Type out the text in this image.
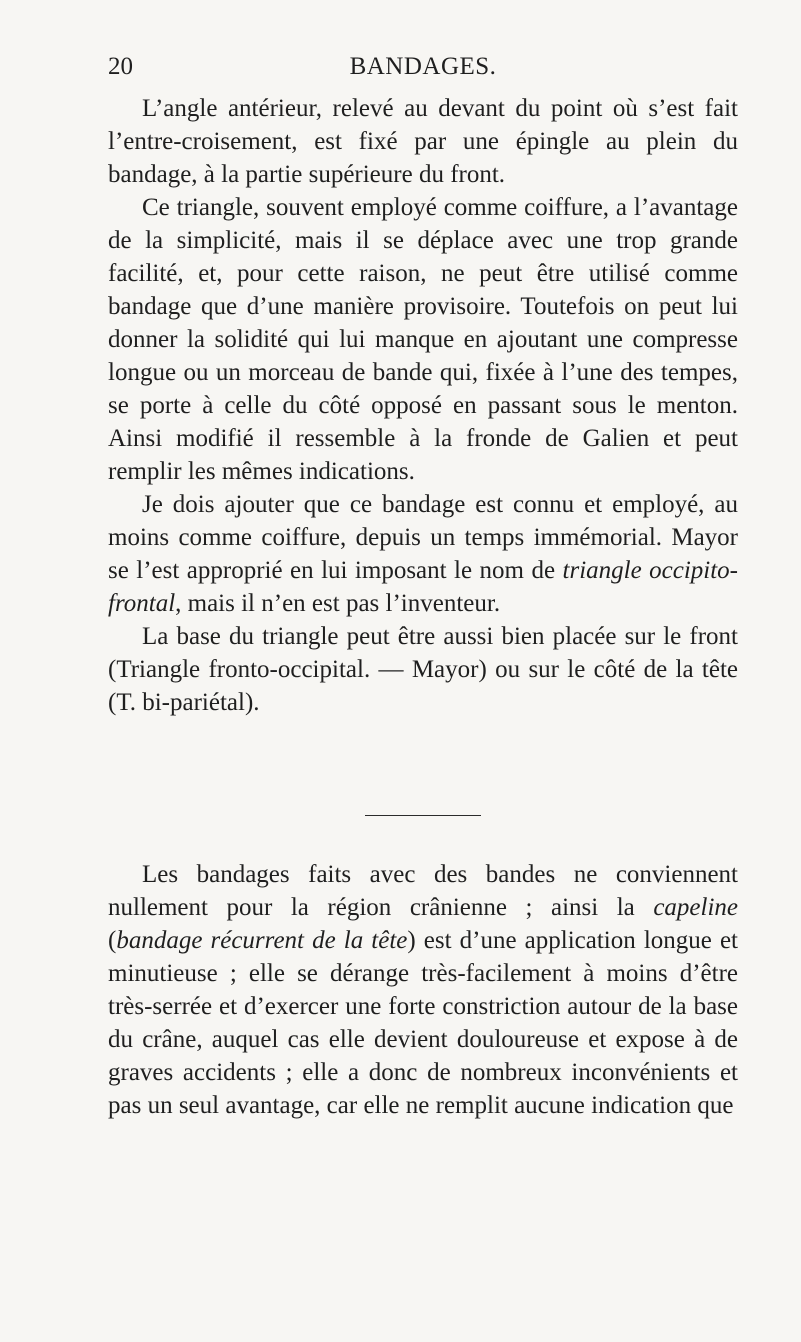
20	BANDAGES.

L’angle antérieur, relevé au devant du point où s’est fait l’entre-croisement, est fixé par une épingle au plein du bandage, à la partie supérieure du front.

Ce triangle, souvent employé comme coiffure, a l’avantage de la simplicité, mais il se déplace avec une trop grande facilité, et, pour cette raison, ne peut être utilisé comme bandage que d’une manière provisoire. Toutefois on peut lui donner la solidité qui lui manque en ajoutant une compresse longue ou un morceau de bande qui, fixée à l’une des tempes, se porte à celle du côté opposé en passant sous le menton. Ainsi modifié il ressemble à la fronde de Galien et peut remplir les mêmes indications.

Je dois ajouter que ce bandage est connu et employé, au moins comme coiffure, depuis un temps immémorial. Mayor se l’est approprié en lui imposant le nom de triangle occipito-frontal, mais il n’en est pas l’inventeur.

La base du triangle peut être aussi bien placée sur le front (Triangle fronto-occipital. — Mayor) ou sur le côté de la tête (T. bi-pariétal).

Les bandages faits avec des bandes ne conviennent nullement pour la région crânienne ; ainsi la capeline (bandage récurrent de la tête) est d’une application longue et minutieuse ; elle se dérange très-facilement à moins d’être très-serrée et d’exercer une forte constriction autour de la base du crâne, auquel cas elle devient douloureuse et expose à de graves accidents ; elle a donc de nombreux inconvénients et pas un seul avantage, car elle ne remplit aucune indication que
